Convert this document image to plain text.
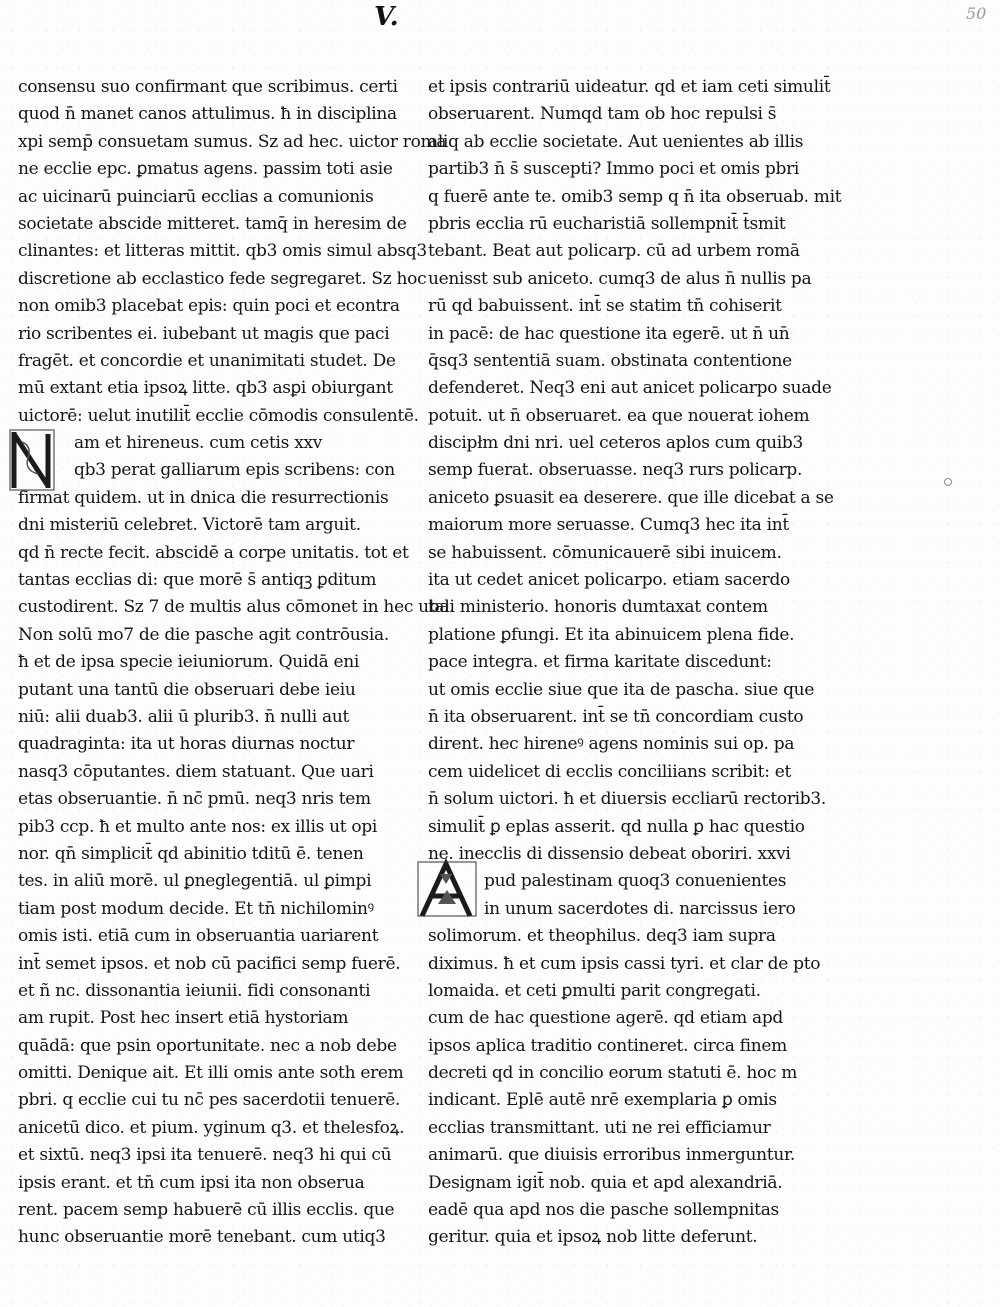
V.	50
consensu suo confirmant que scribimus. certi
quod n̄ manet canos attulimus. ħ in disciplina
xpi semp̄ consuetam sumus. Sz ad hec. uictor roma
ne ecclie epc. ꝑmatus agens. passim toti asie
ac uicinarū puinciarū ecclias a comunionis
societate abscide mitteret. tamq̄ in heresim de
clinantes: et litteras mittit. qb3 omis simul absq3
discretione ab ecclastico fede segregaret. Sz hoc
non omib3 placebat epis: quin poci et econtra
rio scribentes ei. iubebant ut magis que paci
fragēt. et concordie et unanimitati studet. De
mū extant etia ipsoꝝ litte. qb3 asꝑi obiurgant
uictorē: uelut inutilit̄ ecclie cōmodis consulentē.
am et hireneus. cum cetis xxv
qb3 perat galliarum epis scribens: con
firmat quidem. ut in dnica die resurrectionis
dni misteriū celebret. Victorē tam arguit.
qd n̄ recte fecit. abscidē a corpe unitatis. tot et
tantas ecclias di: que morē s̄ antiqꝫ ꝑditum
custodirent. Sz 7 de multis alus cōmonet in hec uba.
Non solū mo7 de die pasche agit contrōusia.
ħ et de ipsa specie ieiuniorum. Quidā eni
putant una tantū die obseruari debe ieiu
niū: alii duab3. alii ū plurib3. n̄ nulli aut
quadraginta: ita ut horas diurnas noctur
nasq3 cōputantes. diem statuant. Que uari
etas obseruantie. n̄ nc̄ pmū. neq3 nris tem
pib3 ccp. ħ et multo ante nos: ex illis ut opi
nor. qn̄ simplicit̄ qd abinitio tditū ē. tenen
tes. in aliū morē. ul ꝑneglegentiā. ul ꝑimpi
tiam post modum decide. Et tn̄ nichilominꝰ
omis isti. etiā cum in obseruantia uariarent
int̄ semet ipsos. et nob cū pacifici semp fuerē.
et ñ nc. dissonantia ieiunii. fidi consonanti
am rupit. Post hec insert etiā hystoriam
quādā: que psin oportunitate. nec a nob debe
omitti. Denique ait. Et illi omis ante soth erem
pbri. q ecclie cui tu nc̄ pes sacerdotii tenuerē.
anicetū dico. et pium. yginum q3. et thelesfoꝝ.
et sixtū. neq3 ipsi ita tenuerē. neq3 hi qui cū
ipsis erant. et tn̄ cum ipsi ita non obserua
rent. pacem semp habuerē cū illis ecclis. que
hunc obseruantie morē tenebant. cum utiq3
et ipsis contrariū uideatur. qd et iam ceti simulit̄
obseruarent. Numqd tam ob hoc repulsi s̄
aliq ab ecclie societate. Aut uenientes ab illis
partib3 n̄ s̄ suscepti? Immo poci et omis pbri
q fuerē ante te. omib3 semp q n̄ ita obseruab. mit
pbris ecclia rū eucharistiā sollempnit̄ t̄smit
tebant. Beat aut policarp. cū ad urbem romā
uenisst sub aniceto. cumq3 de alus n̄ nullis pa
rū qd babuissent. int̄ se statim tn̄ cohiserit
in pacē: de hac questione ita egerē. ut n̄ un̄
q̄sq3 sententiā suam. obstinata contentione
defenderet. Neq3 eni aut anicet policarpo suade
potuit. ut n̄ obseruaret. ea que nouerat iohem
discipłm dni nri. uel ceteros aplos cum quib3
semp fuerat. obseruasse. neq3 rurs policarp.
aniceto ꝑsuasit ea deserere. que ille dicebat a se
maiorum more seruasse. Cumq3 hec ita int̄
se habuissent. cōmunicauerē sibi inuicem.
ita ut cedet anicet policarpo. etiam sacerdo
tali ministerio. honoris dumtaxat contem
platione ꝑfungi. Et ita abinuicem plena fide.
pace integra. et firma karitate discedunt:
ut omis ecclie siue que ita de pascha. siue que
n̄ ita obseruarent. int̄ se tn̄ concordiam custo
dirent. hec hireneꝰ agens nominis sui op. pa
cem uidelicet di ecclis conciliians scribit: et
n̄ solum uictori. ħ et diuersis eccliarū rectorib3.
simulit̄ ꝑ eplas asserit. qd nulla ꝑ hac questio
ne. inecclis di dissensio debeat oboriri. xxvi
pud palestinam quoq3 conuenientes
in unum sacerdotes di. narcissus iero
solimorum. et theophilus. deq3 iam supra
diximus. ħ et cum ipsis cassi tyri. et clar de pto
lomaida. et ceti ꝑmulti parit congregati.
cum de hac questione agerē. qd etiam apd
ipsos aplica traditio contineret. circa finem
decreti qd in concilio eorum statuti ē. hoc m
indicant. Eplē autē nrē exemplaria ꝑ omis
ecclias transmittant. uti ne rei efficiamur
animarū. que diuisis erroribus inmerguntur.
Designam igit̄ nob. quia et apd alexandriā.
eadē qua apd nos die pasche sollempnitas
geritur. quia et ipsoꝝ nob litte deferunt.
